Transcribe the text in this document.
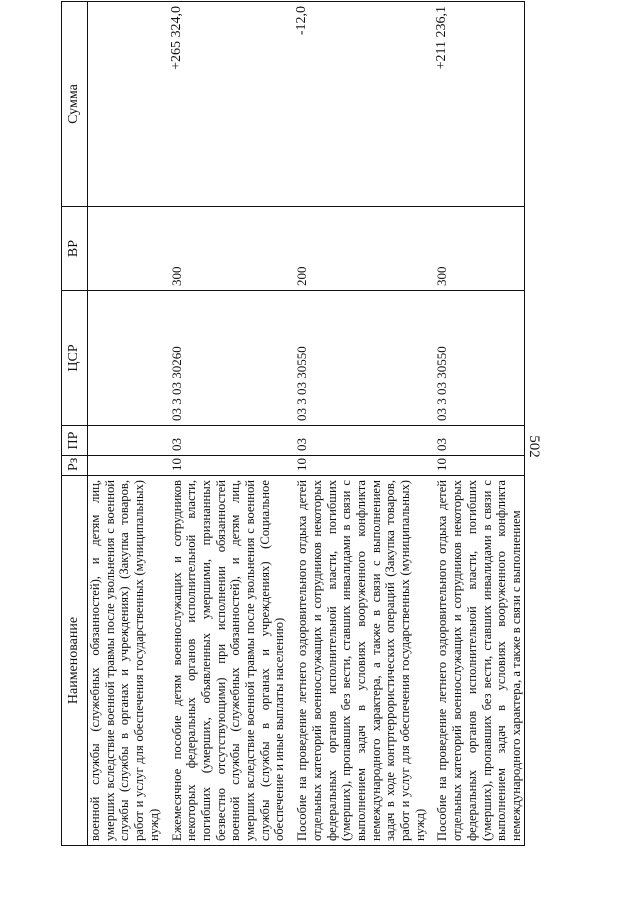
502
Наименование	Рз	ПР	ЦСР	ВР	Сумма
военной службы (служебных обязанностей), и детям лиц, умерших вследствие военной травмы после увольнения с военной службы (службы в органах и учреждениях) (Закупка товаров, работ и услуг для обеспечения государственных (муниципальных) нужд)					
Ежемесячное пособие детям военнослужащих и сотрудников некоторых федеральных органов исполнительной власти, погибших (умерших, объявленных умершими, признанных безвестно отсутствующими) при исполнении обязанностей военной службы (служебных обязанностей), и детям лиц, умерших вследствие военной травмы после увольнения с военной службы (службы в органах и учреждениях) (Социальное обеспечение и иные выплаты населению)	10	03	03 3 03 30260	300	+265 324,0
Пособие на проведение летнего оздоровительного отдыха детей отдельных категорий военнослужащих и сотрудников некоторых федеральных органов исполнительной власти, погибших (умерших), пропавших без вести, ставших инвалидами в связи с выполнением задач в условиях вооруженного конфликта немеждународного характера, а также в связи с выполнением задач в ходе контртеррористических операций (Закупка товаров, работ и услуг для обеспечения государственных (муниципальных) нужд)	10	03	03 3 03 30550	200	-12,0
Пособие на проведение летнего оздоровительного отдыха детей отдельных категорий военнослужащих и сотрудников некоторых федеральных органов исполнительной власти, погибших (умерших), пропавших без вести, ставших инвалидами в связи с выполнением задач в условиях вооруженного конфликта немеждународного характера, а также в связи с выполнением	10	03	03 3 03 30550	300	+211 236,1
